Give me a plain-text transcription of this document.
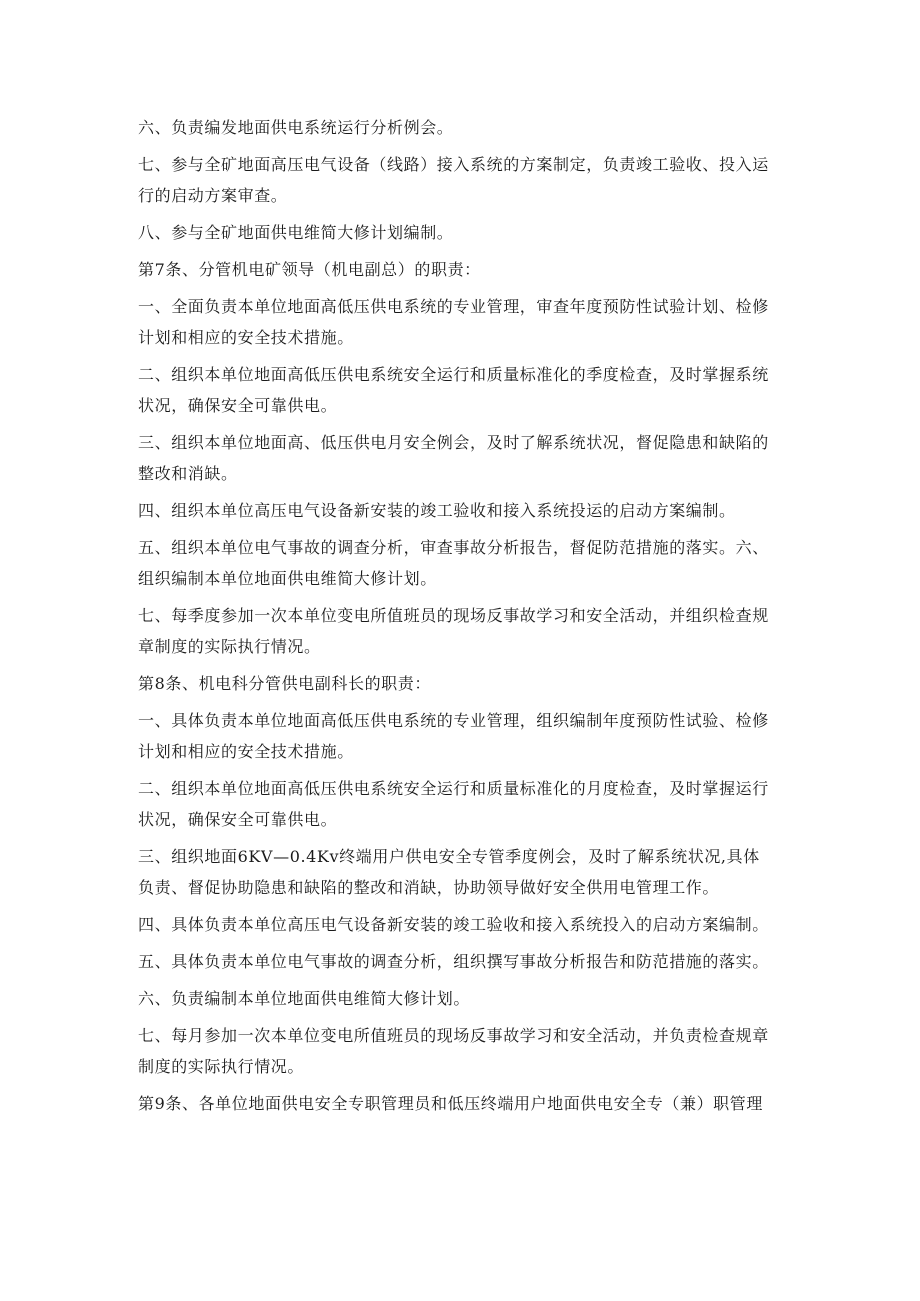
六、负责编发地面供电系统运行分析例会。
七、参与全矿地面高压电气设备（线路）接入系统的方案制定，负责竣工验收、投入运
行的启动方案审查。
八、参与全矿地面供电维简大修计划编制。
第7条、分管机电矿领导（机电副总）的职责：
一、全面负责本单位地面高低压供电系统的专业管理，审查年度预防性试验计划、检修
计划和相应的安全技术措施。
二、组织本单位地面高低压供电系统安全运行和质量标准化的季度检查，及时掌握系统
状况，确保安全可靠供电。
三、组织本单位地面高、低压供电月安全例会，及时了解系统状况，督促隐患和缺陷的
整改和消缺。
四、组织本单位高压电气设备新安装的竣工验收和接入系统投运的启动方案编制。
五、组织本单位电气事故的调查分析，审查事故分析报告，督促防范措施的落实。六、
组织编制本单位地面供电维简大修计划。
七、每季度参加一次本单位变电所值班员的现场反事故学习和安全活动，并组织检查规
章制度的实际执行情况。
第8条、机电科分管供电副科长的职责：
一、具体负责本单位地面高低压供电系统的专业管理，组织编制年度预防性试验、检修
计划和相应的安全技术措施。
二、组织本单位地面高低压供电系统安全运行和质量标准化的月度检查，及时掌握运行
状况，确保安全可靠供电。
三、组织地面6KV—0.4Kv终端用户供电安全专管季度例会，及时了解系统状况,具体
负责、督促协助隐患和缺陷的整改和消缺，协助领导做好安全供用电管理工作。
四、具体负责本单位高压电气设备新安装的竣工验收和接入系统投入的启动方案编制。
五、具体负责本单位电气事故的调查分析，组织撰写事故分析报告和防范措施的落实。
六、负责编制本单位地面供电维简大修计划。
七、每月参加一次本单位变电所值班员的现场反事故学习和安全活动，并负责检查规章
制度的实际执行情况。
第9条、各单位地面供电安全专职管理员和低压终端用户地面供电安全专（兼）职管理
